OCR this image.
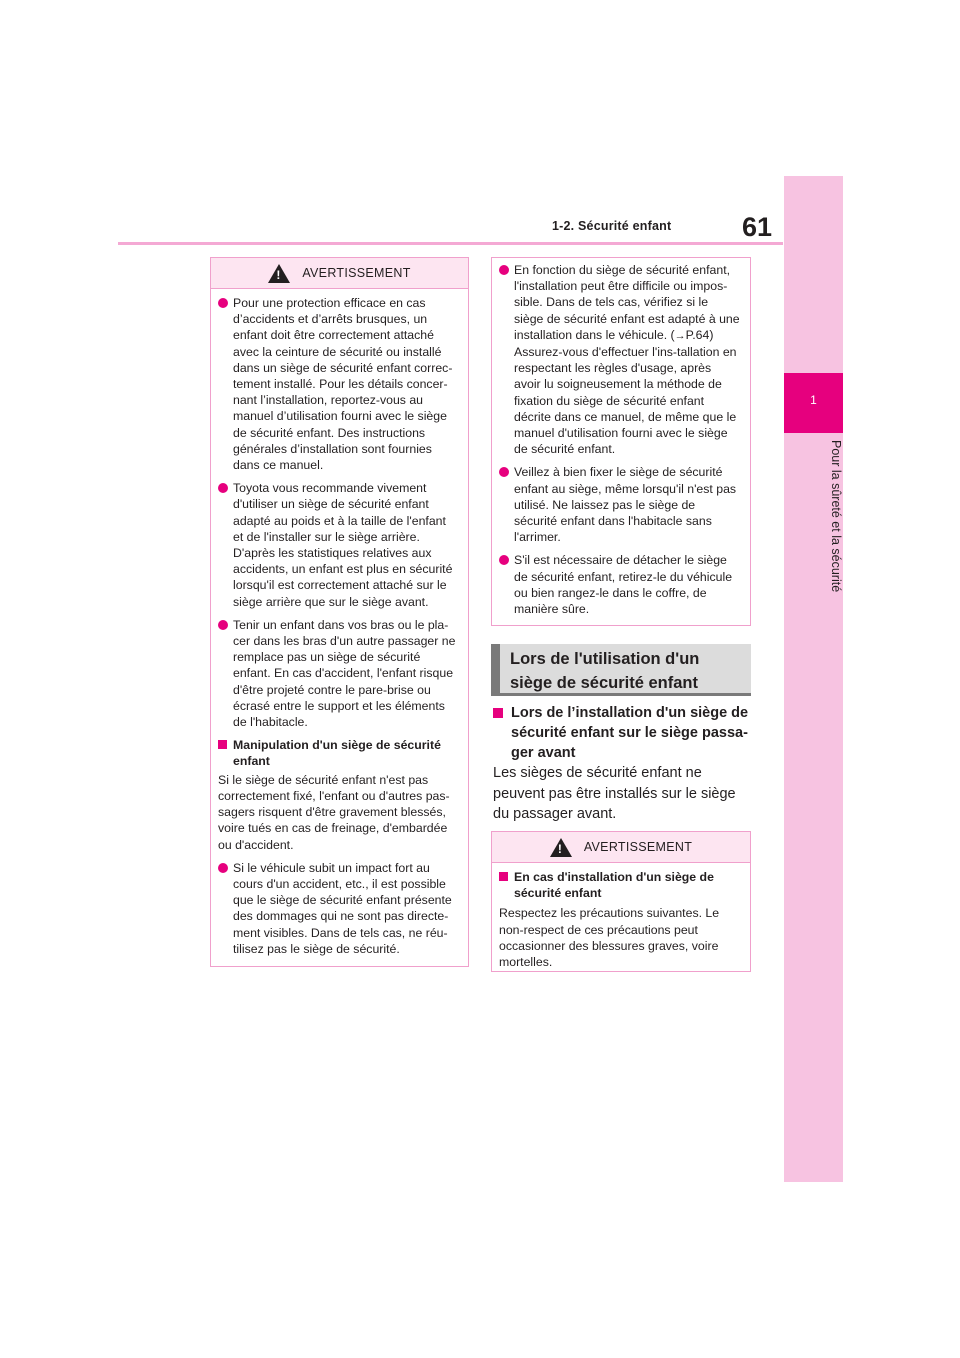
1-2. Sécurité enfant	61
1
Pour la sûreté et la sécurité
!
AVERTISSEMENT
Pour une protection efficace en cas d’accidents et d’arrêts brusques, un enfant doit être correctement attaché avec la ceinture de sécurité ou installé dans un siège de sécurité enfant correc-tement installé. Pour les détails concer-nant l’installation, reportez-vous au manuel d’utilisation fourni avec le siège de sécurité enfant. Des instructions générales d’installation sont fournies dans ce manuel.
Toyota vous recommande vivement d'utiliser un siège de sécurité enfant adapté au poids et à la taille de l'enfant et de l'installer sur le siège arrière. D'après les statistiques relatives aux accidents, un enfant est plus en sécurité lorsqu'il est correctement attaché sur le siège arrière que sur le siège avant.
Tenir un enfant dans vos bras ou le pla-cer dans les bras d'un autre passager ne remplace pas un siège de sécurité enfant. En cas d'accident, l'enfant risque d'être projeté contre le pare-brise ou écrasé entre le support et les éléments de l'habitacle.
Manipulation d'un siège de sécurité enfant
Si le siège de sécurité enfant n'est pas correctement fixé, l'enfant ou d'autres pas-sagers risquent d'être gravement blessés, voire tués en cas de freinage, d'embardée ou d'accident.
Si le véhicule subit un impact fort au cours d'un accident, etc., il est possible que le siège de sécurité enfant présente des dommages qui ne sont pas directe-ment visibles. Dans de tels cas, ne réu-tilisez pas le siège de sécurité.
En fonction du siège de sécurité enfant, l'installation peut être difficile ou impos-sible. Dans de tels cas, vérifiez si le siège de sécurité enfant est adapté à une installation dans le véhicule. (→P.64) Assurez-vous d'effectuer l'ins-tallation en respectant les règles d'usage, après avoir lu soigneusement la méthode de fixation du siège de sécurité enfant décrite dans ce manuel, de même que le manuel d'utilisation fourni avec le siège de sécurité enfant.
Veillez à bien fixer le siège de sécurité enfant au siège, même lorsqu'il n'est pas utilisé. Ne laissez pas le siège de sécurité enfant dans l'habitacle sans l'arrimer.
S'il est nécessaire de détacher le siège de sécurité enfant, retirez-le du véhicule ou bien rangez-le dans le coffre, de manière sûre.
Lors de l'utilisation d'un siège de sécurité enfant
Lors de l’installation d'un siège de sécurité enfant sur le siège passa-ger avant
Les sièges de sécurité enfant ne peuvent pas être installés sur le siège du passager avant.
!
AVERTISSEMENT
En cas d'installation d'un siège de sécurité enfant
Respectez les précautions suivantes. Le non-respect de ces précautions peut occasionner des blessures graves, voire mortelles.
